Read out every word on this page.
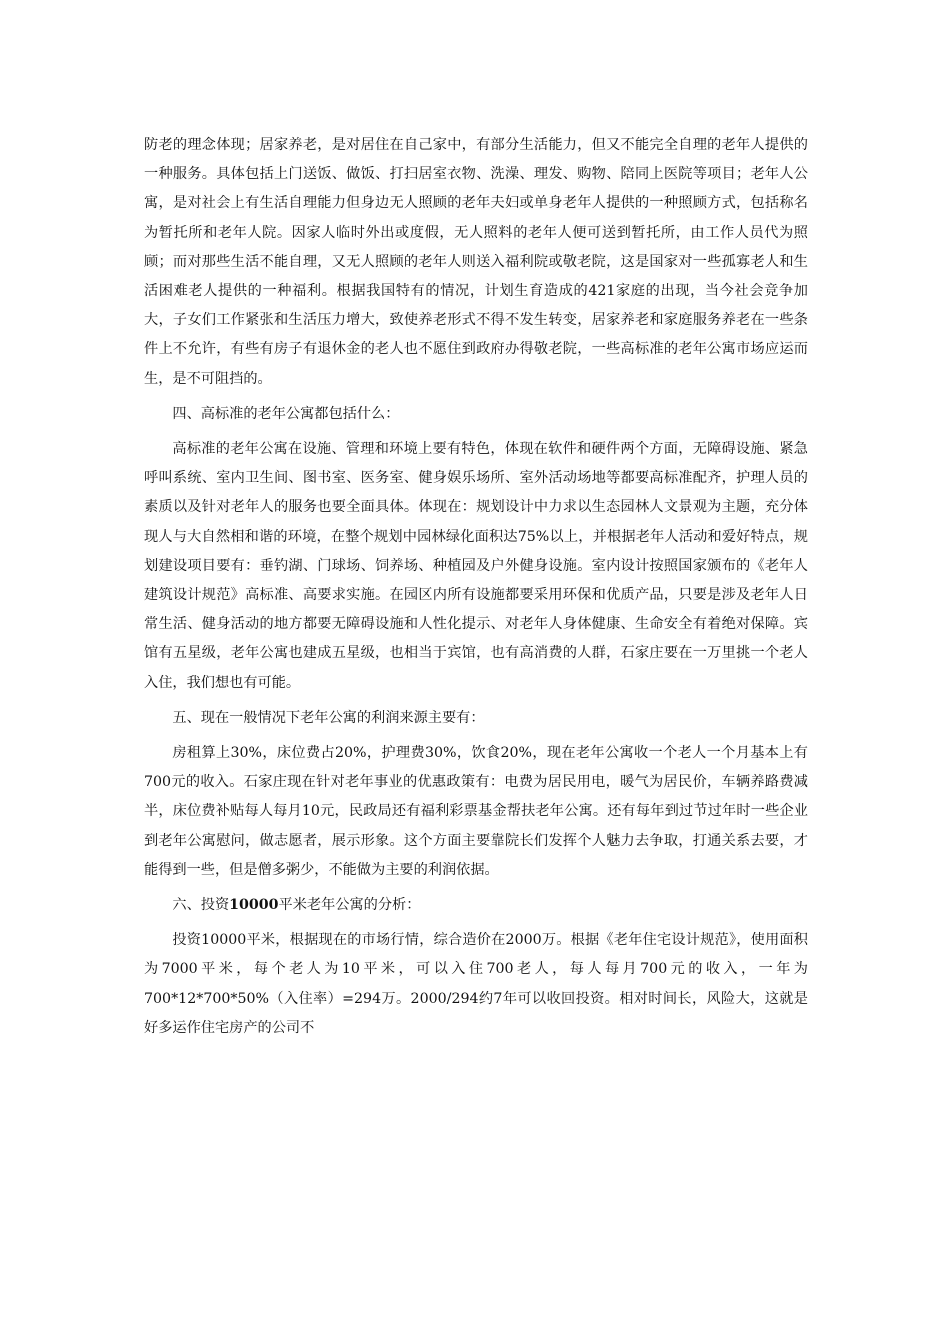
防老的理念体现；居家养老，是对居住在自己家中，有部分生活能力，但又不能完全自理的老年人提供的一种服务。具体包括上门送饭、做饭、打扫居室衣物、洗澡、理发、购物、陪同上医院等项目；老年人公寓，是对社会上有生活自理能力但身边无人照顾的老年夫妇或单身老年人提供的一种照顾方式，包括称名为暂托所和老年人院。因家人临时外出或度假，无人照料的老年人便可送到暂托所，由工作人员代为照顾；而对那些生活不能自理，又无人照顾的老年人则送入福利院或敬老院，这是国家对一些孤寡老人和生活困难老人提供的一种福利。根据我国特有的情况，计划生育造成的421家庭的出现，当今社会竞争加大，子女们工作紧张和生活压力增大，致使养老形式不得不发生转变，居家养老和家庭服务养老在一些条件上不允许，有些有房子有退休金的老人也不愿住到政府办得敬老院，一些高标准的老年公寓市场应运而生，是不可阻挡的。

四、高标准的老年公寓都包括什么：

高标准的老年公寓在设施、管理和环境上要有特色，体现在软件和硬件两个方面，无障碍设施、紧急呼叫系统、室内卫生间、图书室、医务室、健身娱乐场所、室外活动场地等都要高标准配齐，护理人员的素质以及针对老年人的服务也要全面具体。体现在：规划设计中力求以生态园林人文景观为主题，充分体现人与大自然相和谐的环境，在整个规划中园林绿化面积达75%以上，并根据老年人活动和爱好特点，规划建设项目要有：垂钓湖、门球场、饲养场、种植园及户外健身设施。室内设计按照国家颁布的《老年人建筑设计规范》高标准、高要求实施。在园区内所有设施都要采用环保和优质产品，只要是涉及老年人日常生活、健身活动的地方都要无障碍设施和人性化提示、对老年人身体健康、生命安全有着绝对保障。宾馆有五星级，老年公寓也建成五星级，也相当于宾馆，也有高消费的人群，石家庄要在一万里挑一个老人入住，我们想也有可能。

五、现在一般情况下老年公寓的利润来源主要有：

房租算上30%，床位费占20%，护理费30%，饮食20%，现在老年公寓收一个老人一个月基本上有700元的收入。石家庄现在针对老年事业的优惠政策有：电费为居民用电，暖气为居民价，车辆养路费减半，床位费补贴每人每月10元，民政局还有福利彩票基金帮扶老年公寓。还有每年到过节过年时一些企业到老年公寓慰问，做志愿者，展示形象。这个方面主要靠院长们发挥个人魅力去争取，打通关系去要，才能得到一些，但是僧多粥少，不能做为主要的利润依据。

六、投资10000平米老年公寓的分析：

投资10000平米，根据现在的市场行情，综合造价在2000万。根据《老年住宅设计规范》，使用面积为7000平米，每个老人为10平米，可以入住700老人，每人每月700元的收入，一年为700*12*700*50%（入住率）=294万。2000/294约7年可以收回投资。相对时间长，风险大，这就是好多运作住宅房产的公司不
